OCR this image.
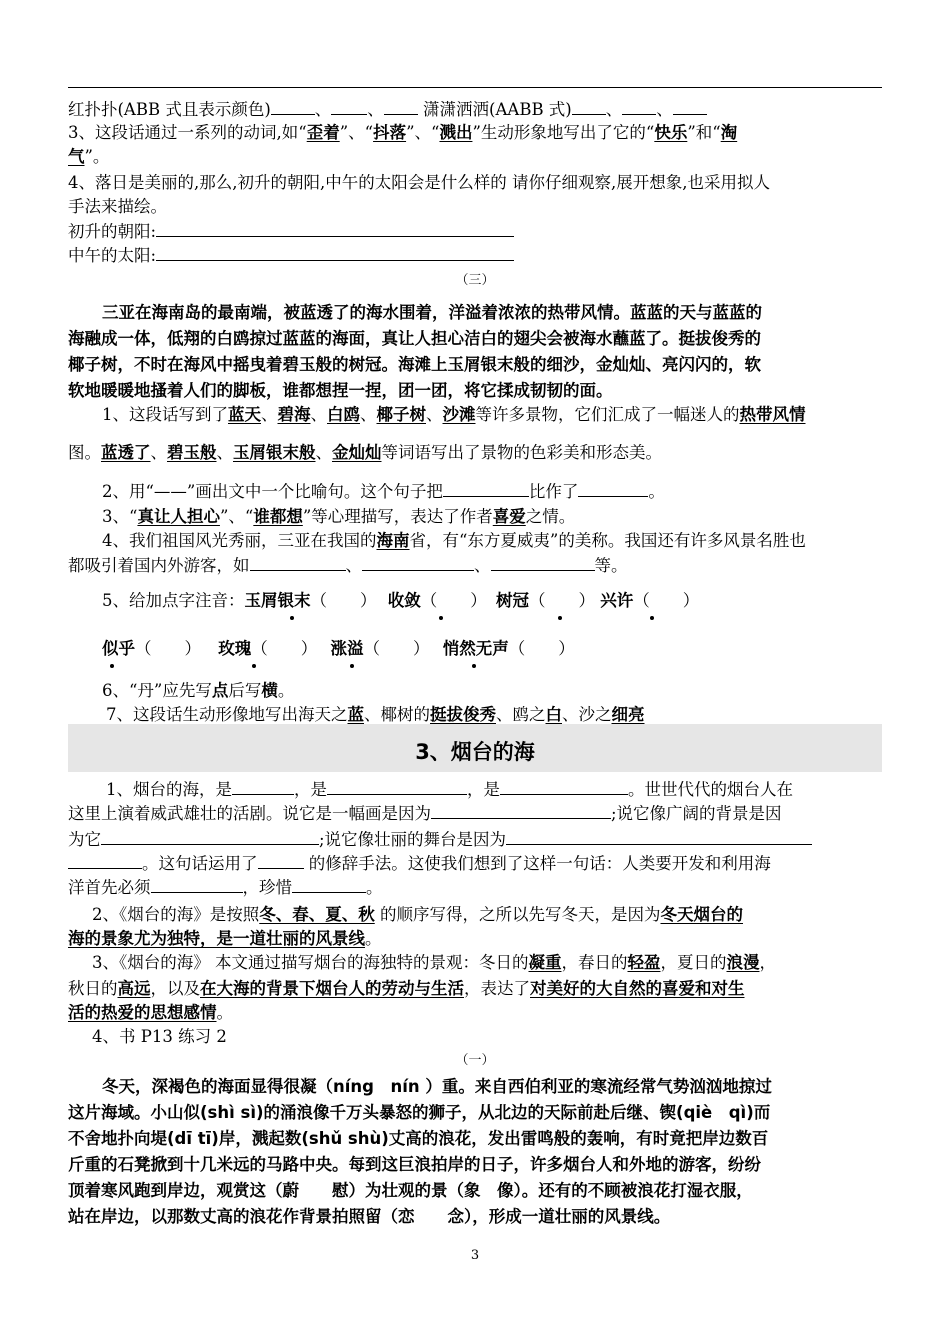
红扑扑(ABB 式且表示颜色)	、 、 潇潇洒洒(AABB 式) 、 、
3、这段话通过一系列的动词,如“歪着”、“抖落”、“溅出”生动形象地写出了它的“快乐”和“淘
气”。
4、落日是美丽的,那么,初升的朝阳,中午的太阳会是什么样的 请你仔细观察,展开想象,也采用拟人
手法来描绘。
初升的朝阳:
中午的太阳:
（三）
三亚在海南岛的最南端，被蓝透了的海水围着，洋溢着浓浓的热带风情。蓝蓝的天与蓝蓝的
海融成一体，低翔的白鸥掠过蓝蓝的海面，真让人担心洁白的翅尖会被海水蘸蓝了。挺拔俊秀的
椰子树，不时在海风中摇曳着碧玉般的树冠。海滩上玉屑银末般的细沙，金灿灿、亮闪闪的，软
软地暖暖地搔着人们的脚板，谁都想捏一捏，团一团，将它揉成韧韧的面。
1、这段话写到了蓝天、碧海、白鸥、椰子树、沙滩等许多景物，它们汇成了一幅迷人的热带风情
图。蓝透了、碧玉般、玉屑银末般、金灿灿等词语写出了景物的色彩美和形态美。
2、用“——”画出文中一个比喻句。这个句子把	比作了	。
3、“真让人担心”、“谁都想”等心理描写，表达了作者喜爱之情。
4、我们祖国风光秀丽，三亚在我国的海南省，有“东方夏威夷”的美称。我国还有许多风景名胜也
都吸引着国内外游客，如	、	、	等。
5、给加点字注音：玉屑银末（　　） 收敛（　　） 树冠（　　） 兴许（　　）
似乎（　　） 玫瑰（　　） 涨溢（　　） 悄然无声（　　）
6、“丹”应先写点后写横。
7、这段话生动形像地写出海天之蓝、椰树的挺拔俊秀、鸥之白、沙之细亮
3、烟台的海
1、烟台的海，是	，是	，是	。世世代代的烟台人在
这里上演着威武雄壮的活剧。说它是一幅画是因为	;说它像广阔的背景是因
为它	;说它像壮丽的舞台是因为
。这句话运用了	的修辞手法。这使我们想到了这样一句话：人类要开发和利用海
洋首先必须	，珍惜	。
2、《烟台的海》是按照冬、春、夏、秋 的顺序写得，之所以先写冬天，是因为冬天烟台的
海的景象尤为独特，是一道壮丽的风景线。
3、《烟台的海》 本文通过描写烟台的海独特的景观：冬日的凝重，春日的轻盈，夏日的浪漫，
秋日的高远，以及在大海的背景下烟台人的劳动与生活，表达了对美好的大自然的喜爱和对生
活的热爱的思想感情。
4、书 P13 练习 2
（一）
冬天，深褐色的海面显得很凝（níng　nín ）重。来自西伯利亚的寒流经常气势汹汹地掠过
这片海域。小山似(shì sì)的涌浪像千万头暴怒的狮子，从北边的天际前赴后继、锲(qiè　qì)而
不舍地扑向堤(dī tī)岸，溅起数(shǔ shù)丈高的浪花，发出雷鸣般的轰响，有时竟把岸边数百
斤重的石凳掀到十几米远的马路中央。每到这巨浪拍岸的日子，许多烟台人和外地的游客，纷纷
顶着寒风跑到岸边，观赏这（蔚　　慰）为壮观的景（象　像）。还有的不顾被浪花打湿衣服，
站在岸边，以那数丈高的浪花作背景拍照留（恋　　念），形成一道壮丽的风景线。
3
